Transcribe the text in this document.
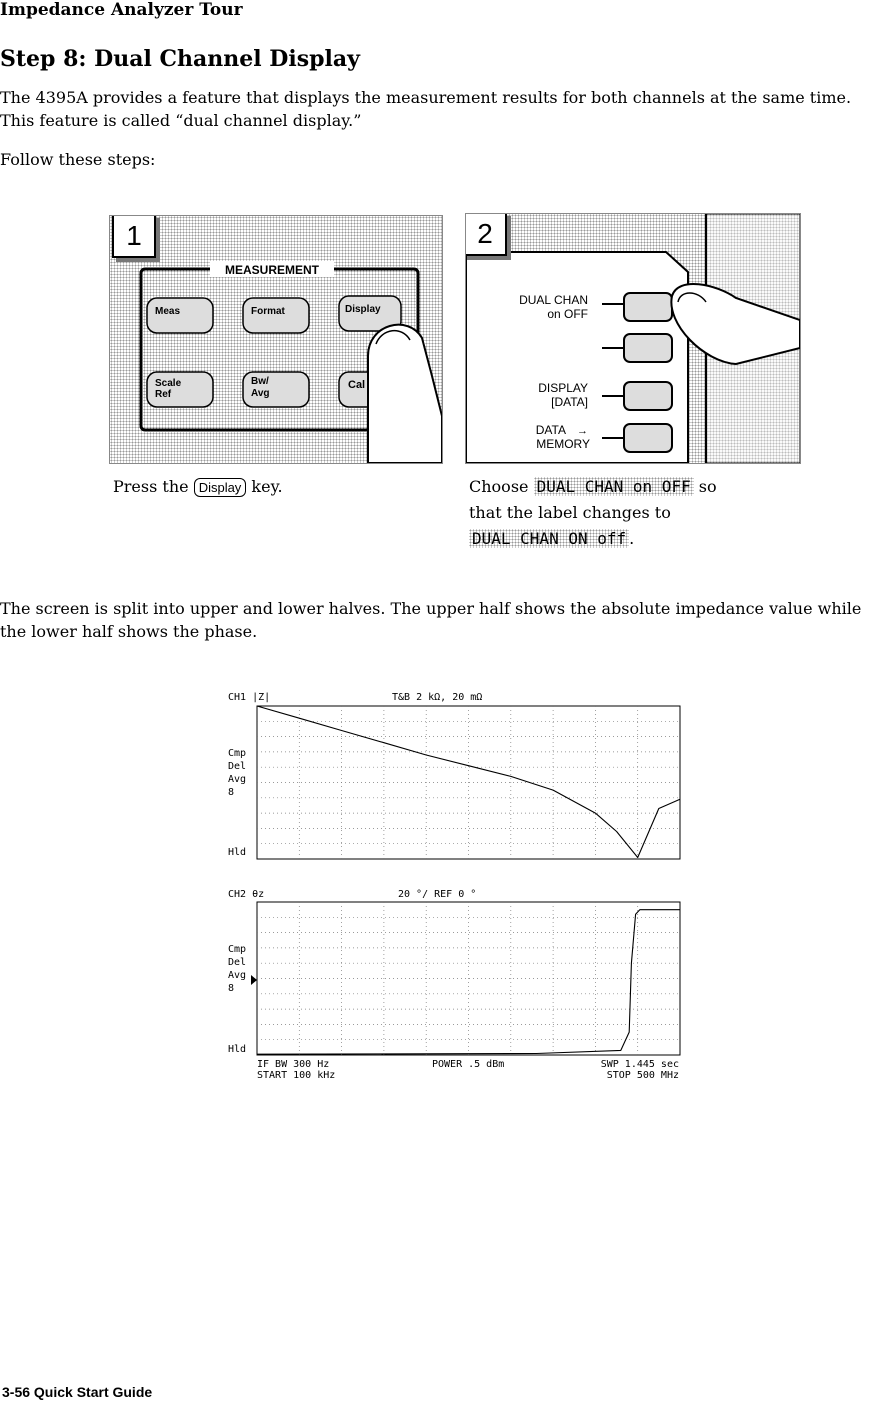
Impedance Analyzer Tour
Step 8: Dual Channel Display
The 4395A provides a feature that displays the measurement results for both channels at the same time. This feature is called “dual channel display.”
Follow these steps:
MEASUREMENT
Meas	Format	Display
Scale
Ref
Bw/
Avg
Cal
1
Press the Display key.
DUAL CHAN
on OFF
DISPLAY
[DATA]
DATA →
MEMORY
2
Choose DUAL CHAN on OFF so
that the label changes to
DUAL CHAN ON off .
The screen is split into upper and lower halves. The upper half shows the absolute impedance value while the lower half shows the phase.
CH1 |Z|	T&B 2 kΩ, 20 mΩ
Cmp
Del
Avg
8
Hld
CH2 θz	20 °/ REF 0 °
Cmp
Del
Avg
8
Hld
IF BW 300 Hz	POWER .5 dBm	SWP 1.445 sec
START 100 kHz	STOP 500 MHz
3-56 Quick Start Guide
